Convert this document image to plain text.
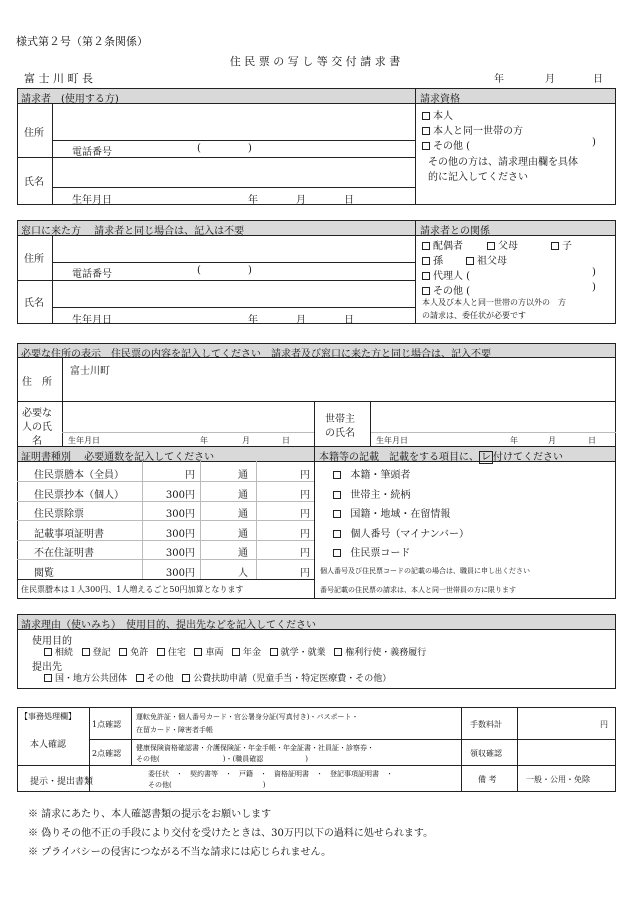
様式第２号（第２条関係）
住 民 票 の 写 し 等 交 付 請 求 書
富 士 川 町 長	年	月	日
請求者　(使用する方)
住所
電話番号	(	)
氏名
生年月日	年	月	日
請求資格
本人
本人と同一世帯の方
その他 (	)
その他の方は、請求理由欄を具体
的に記入してください
窓口に来た方　 請求者と同じ場合は、記入は不要
住所
電話番号	(	)
氏名
生年月日	年	月	日
請求者との関係
配偶者	父母	子
孫	祖父母
代理人 (	)
その他 (	)
本人及び本人と同一世帯の方以外の　方
の請求は、委任状が必要です
必要な住所の表示　住民票の内容を記入してください　請求者及び窓口に来た方と同じ場合は、記入不要
住　所
富士川町
必要な
人の氏
名	生年月日	年	月	日
世帯主
の氏名
生年月日	年	月	日
証明書種別　 必要通数を記入してください
住民票謄本（全員）	円	通	円
住民票抄本（個人）	300円	通	円
住民票除票	300円	通	円
記載事項証明書	300円	通	円
不在住証明書	300円	通	円
閲覧	300円	人	円
住民票謄本は１人300円、1人増えるごと50円加算となります
本籍等の記載　記載をする項目に、 レ 付けてください
本籍・筆頭者
世帯主・続柄
国籍・地域・在留情報
個人番号（マイナンバー）
住民票コード
個人番号及び住民票コードの記載の場合は、職員に申し出ください
番号記載の住民票の請求は、本人と同一世帯員の方に限ります
請求理由（使いみち）　使用目的、提出先などを記入してください
使用目的
相続 登記 免許 住宅 車両 年金 就学・就業 権利行使・義務履行
提出先
国・地方公共団体 その他 公費扶助申請（児童手当・特定医療費・その他）
【事務処理欄】
本人確認
1点確認
運転免許証・個人番号カード・官公署身分証(写真付き)・パスポート・
在留カード・障害者手帳
2点確認
健康保険資格確認書・介護保険証・年金手帳・年金証書・社員証・診察券・
その他(　　　　　　　　　)・(職員確認　　　　　　)
手数料計	円
領収確認
提示・提出書類
委任状　・　契約書等　・　戸籍　・　資格証明書　・　登記事項証明書　・
その他(　　　　　　　　　　　　　)
備 考	一般・公用・免除
※ 請求にあたり、本人確認書類の提示をお願いします
※ 偽りその他不正の手段により交付を受けたときは、30万円以下の過料に処せられます。
※ プライバシーの侵害につながる不当な請求には応じられません。
